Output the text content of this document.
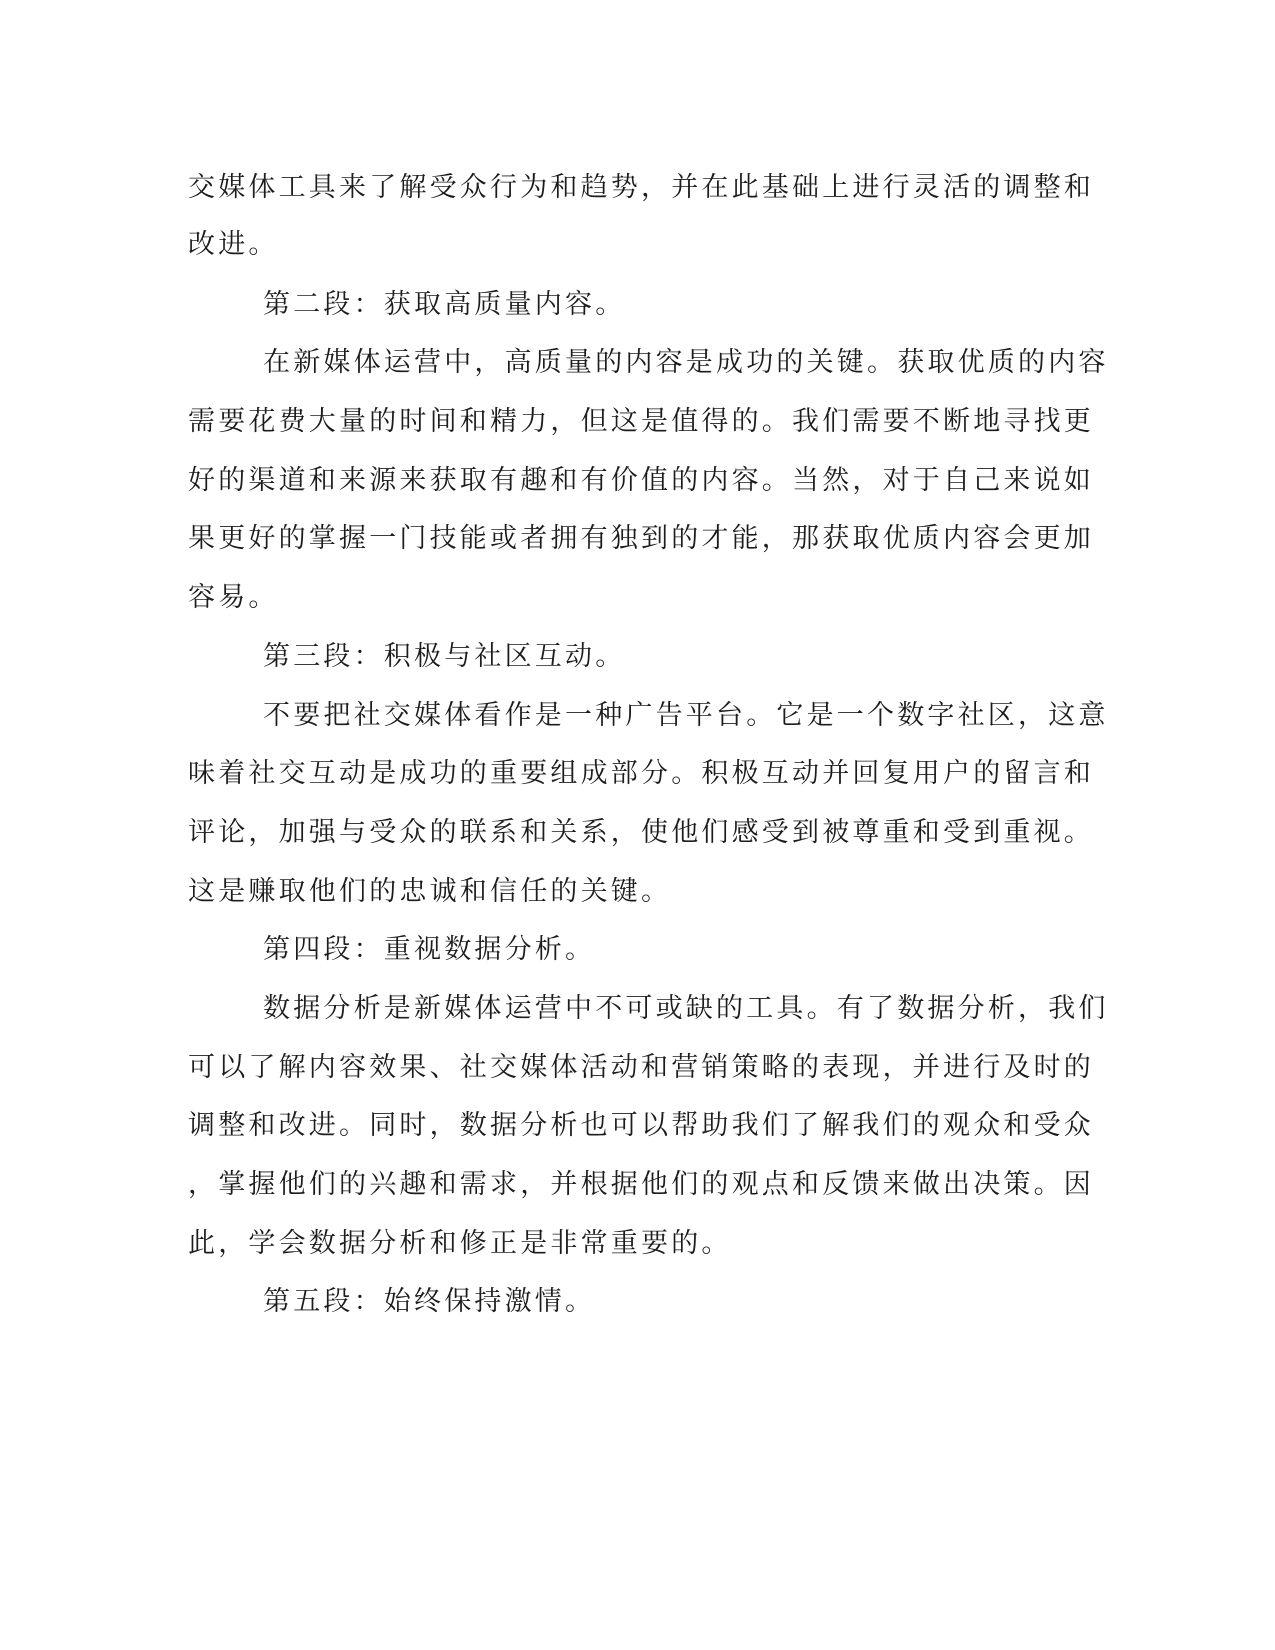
交媒体工具来了解受众行为和趋势，并在此基础上进行灵活的调整和

改进。

第二段：获取高质量内容。

在新媒体运营中，高质量的内容是成功的关键。获取优质的内容

需要花费大量的时间和精力，但这是值得的。我们需要不断地寻找更

好的渠道和来源来获取有趣和有价值的内容。当然，对于自己来说如

果更好的掌握一门技能或者拥有独到的才能，那获取优质内容会更加

容易。

第三段：积极与社区互动。

不要把社交媒体看作是一种广告平台。它是一个数字社区，这意

味着社交互动是成功的重要组成部分。积极互动并回复用户的留言和

评论，加强与受众的联系和关系，使他们感受到被尊重和受到重视。

这是赚取他们的忠诚和信任的关键。

第四段：重视数据分析。

数据分析是新媒体运营中不可或缺的工具。有了数据分析，我们

可以了解内容效果、社交媒体活动和营销策略的表现，并进行及时的

调整和改进。同时，数据分析也可以帮助我们了解我们的观众和受众

，掌握他们的兴趣和需求，并根据他们的观点和反馈来做出决策。因

此，学会数据分析和修正是非常重要的。

第五段：始终保持激情。
